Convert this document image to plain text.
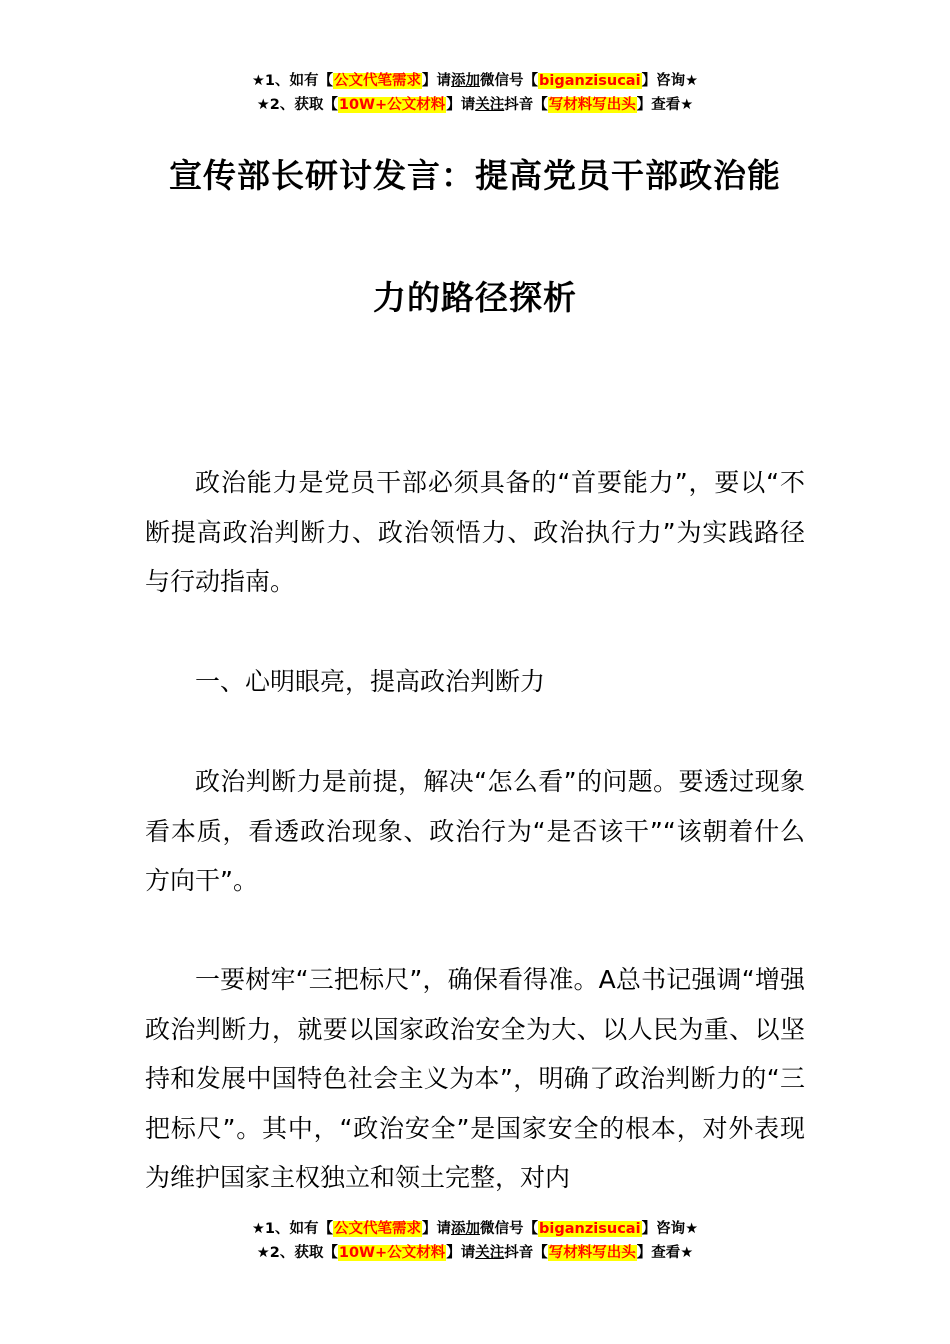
★1、如有【公文代笔需求】请添加微信号【biganzisucai】咨询★
★2、获取【10W+公文材料】请关注抖音【写材料写出头】查看★
宣传部长研讨发言：提高党员干部政治能
力的路径探析

政治能力是党员干部必须具备的“首要能力”，要以“不断提高政治判断力、政治领悟力、政治执行力”为实践路径与行动指南。

一、心明眼亮，提高政治判断力

政治判断力是前提，解决“怎么看”的问题。要透过现象看本质，看透政治现象、政治行为“是否该干”“该朝着什么方向干”。

一要树牢“三把标尺”，确保看得准。A总书记强调“增强政治判断力，就要以国家政治安全为大、以人民为重、以坚持和发展中国特色社会主义为本”，明确了政治判断力的“三把标尺”。其中，“政治安全”是国家安全的根本，对外表现为维护国家主权独立和领土完整，对内

★1、如有【公文代笔需求】请添加微信号【biganzisucai】咨询★
★2、获取【10W+公文材料】请关注抖音【写材料写出头】查看★
